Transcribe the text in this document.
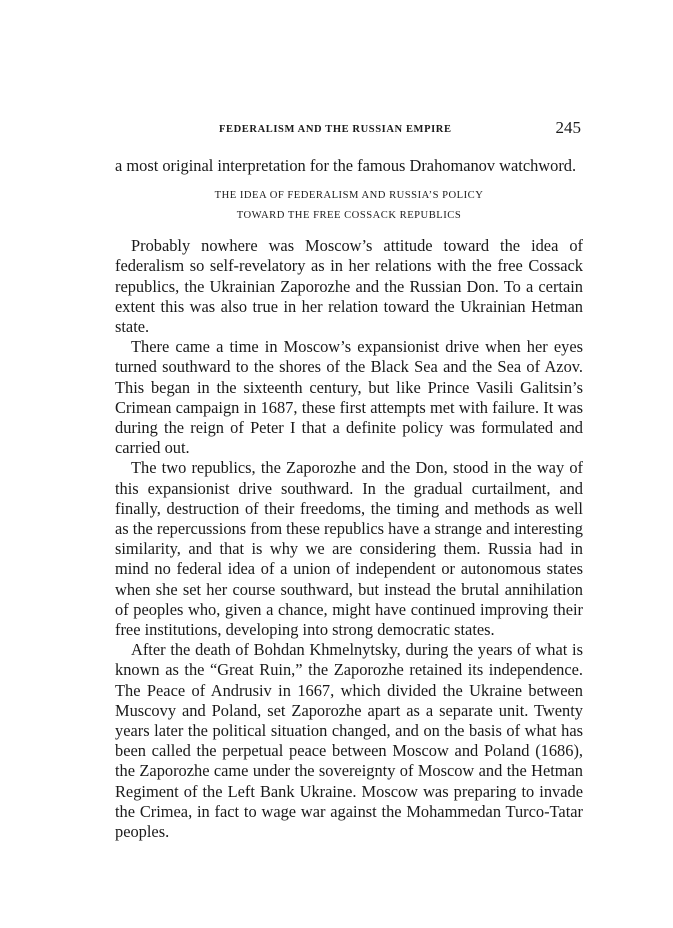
FEDERALISM AND THE RUSSIAN EMPIRE	245

a most original interpretation for the famous Drahomanov watchword.

THE IDEA OF FEDERALISM AND RUSSIA’S POLICY
TOWARD THE FREE COSSACK REPUBLICS

Probably nowhere was Moscow’s attitude toward the idea of federalism so self-revelatory as in her relations with the free Cossack republics, the Ukrainian Zaporozhe and the Russian Don. To a certain extent this was also true in her relation toward the Ukrainian Hetman state.

There came a time in Moscow’s expansionist drive when her eyes turned southward to the shores of the Black Sea and the Sea of Azov. This began in the sixteenth century, but like Prince Vasili Galitsin’s Crimean campaign in 1687, these first attempts met with failure. It was during the reign of Peter I that a definite policy was formulated and carried out.

The two republics, the Zaporozhe and the Don, stood in the way of this expansionist drive southward. In the gradual curtailment, and finally, destruction of their freedoms, the timing and methods as well as the repercussions from these republics have a strange and interesting similarity, and that is why we are considering them. Russia had in mind no federal idea of a union of independent or autonomous states when she set her course southward, but instead the brutal annihilation of peoples who, given a chance, might have continued improving their free institutions, developing into strong democratic states.

After the death of Bohdan Khmelnytsky, during the years of what is known as the “Great Ruin,” the Zaporozhe retained its independence. The Peace of Andrusiv in 1667, which divided the Ukraine between Muscovy and Poland, set Zaporozhe apart as a separate unit. Twenty years later the political situation changed, and on the basis of what has been called the perpetual peace between Moscow and Poland (1686), the Zaporozhe came under the sovereignty of Moscow and the Hetman Regiment of the Left Bank Ukraine. Moscow was preparing to invade the Crimea, in fact to wage war against the Mohammedan Turco-Tatar peoples.
